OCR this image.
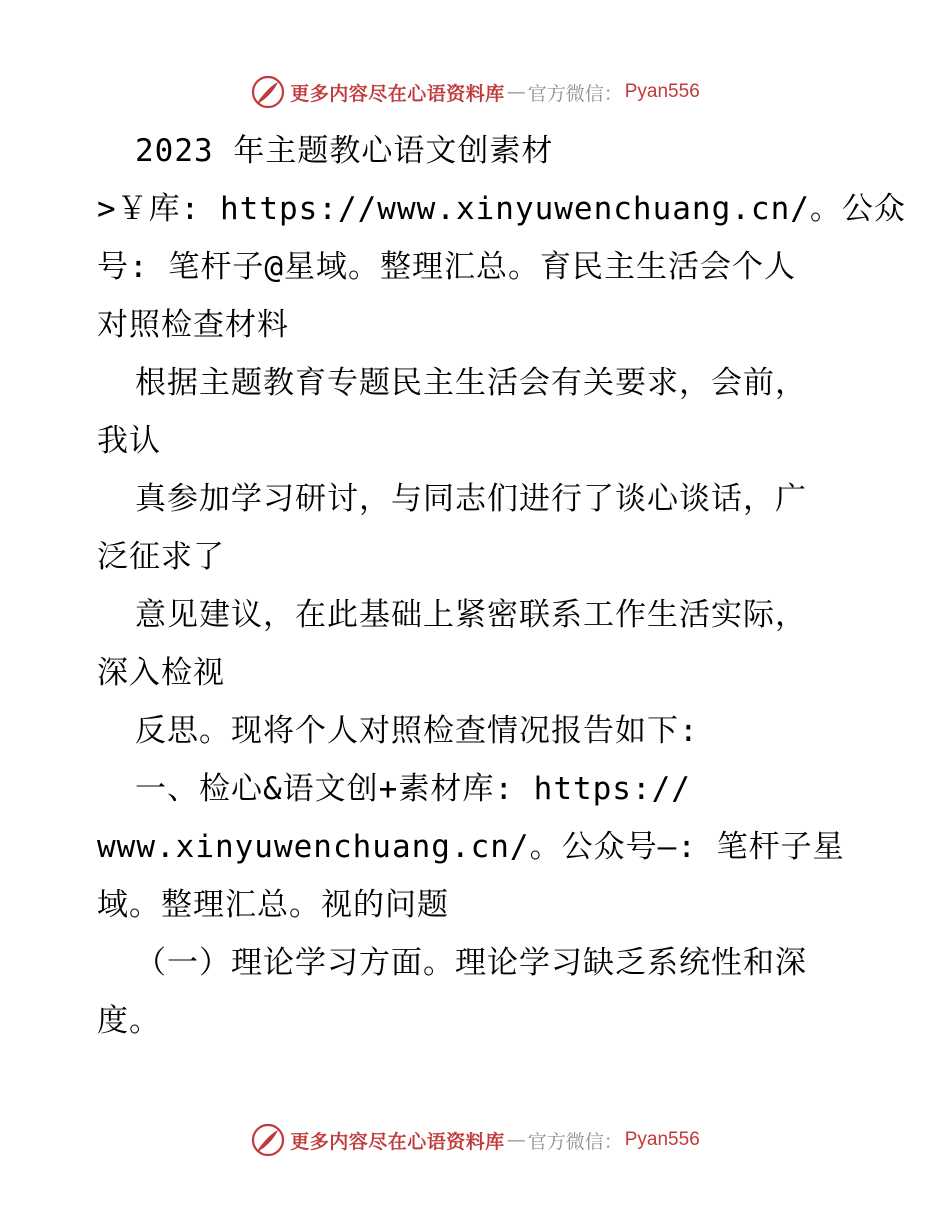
更多内容尽在心语资料库 — 官方微信： Pyan556
2023 年主题教心语文创素材
>￥库: https://www.xinyuwenchuang.cn/。公众
号: 笔杆子@星域。整理汇总。育民主生活会个人
对照检查材料
根据主题教育专题民主生活会有关要求，会前，
我认
真参加学习研讨，与同志们进行了谈心谈话，广
泛征求了
意见建议，在此基础上紧密联系工作生活实际，
深入检视
反思。现将个人对照检查情况报告如下:
一、检心&语文创+素材库: https://
www.xinyuwenchuang.cn/。公众号—: 笔杆子星
域。整理汇总。视的问题
（一）理论学习方面。理论学习缺乏系统性和深
度。
更多内容尽在心语资料库 — 官方微信： Pyan556
